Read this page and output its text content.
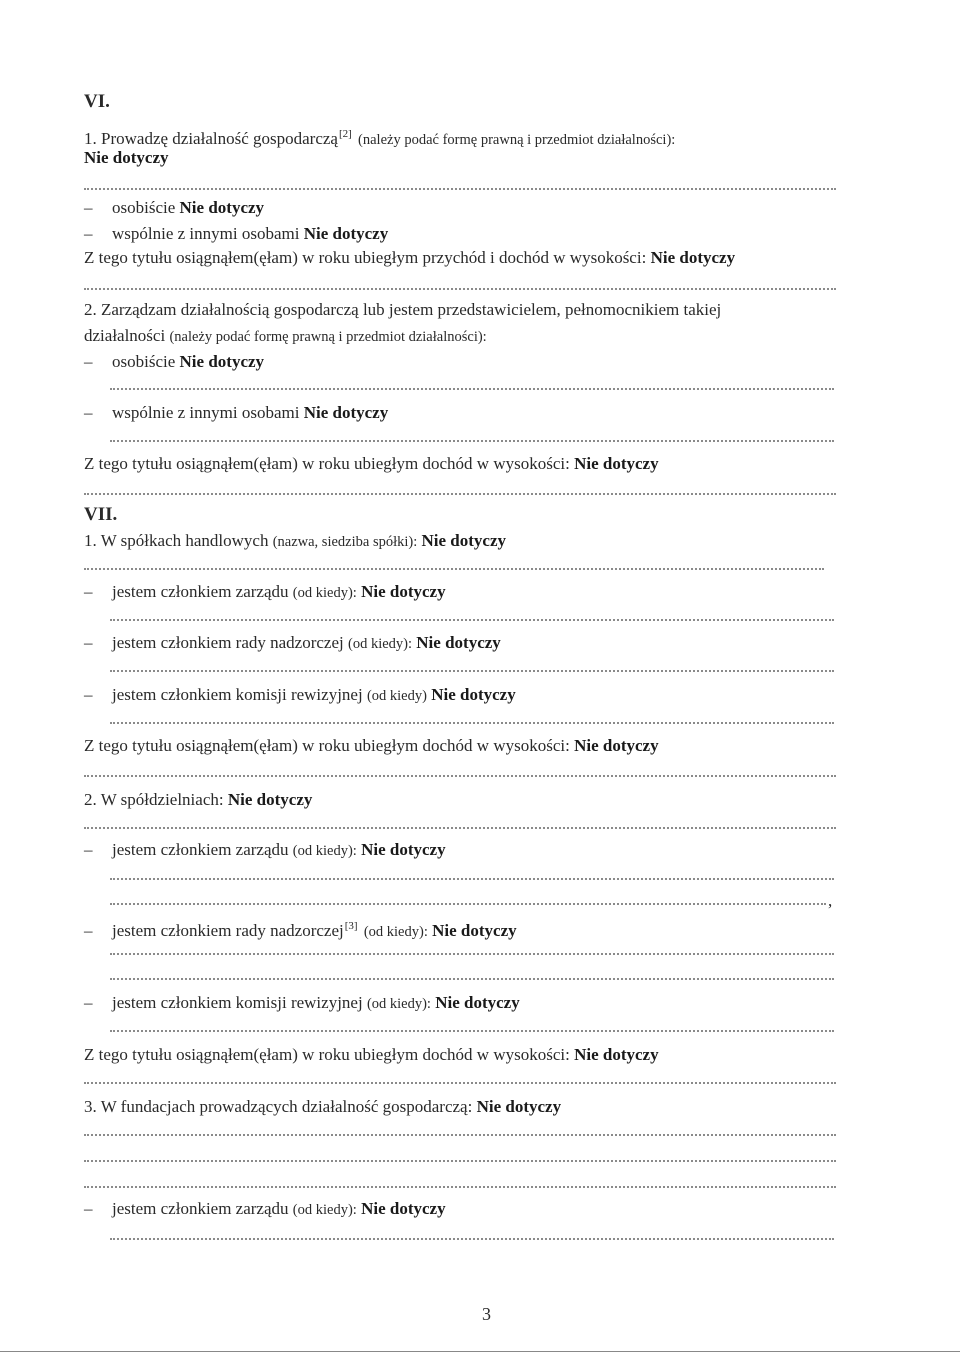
VI.
1. Prowadzę działalność gospodarczą[2] (należy podać formę prawną i przedmiot działalności):
Nie dotyczy
– osobiście Nie dotyczy
– wspólnie z innymi osobami Nie dotyczy
Z tego tytułu osiągnąłem(ęłam) w roku ubiegłym przychód i dochód w wysokości: Nie dotyczy
2. Zarządzam działalnością gospodarczą lub jestem przedstawicielem, pełnomocnikiem takiej
działalności (należy podać formę prawną i przedmiot działalności):
– osobiście Nie dotyczy
– wspólnie z innymi osobami Nie dotyczy
Z tego tytułu osiągnąłem(ęłam) w roku ubiegłym dochód w wysokości: Nie dotyczy
VII.
1. W spółkach handlowych (nazwa, siedziba spółki): Nie dotyczy
– jestem członkiem zarządu (od kiedy): Nie dotyczy
– jestem członkiem rady nadzorczej (od kiedy): Nie dotyczy
– jestem członkiem komisji rewizyjnej (od kiedy) Nie dotyczy
Z tego tytułu osiągnąłem(ęłam) w roku ubiegłym dochód w wysokości: Nie dotyczy
2. W spółdzielniach: Nie dotyczy
– jestem członkiem zarządu (od kiedy): Nie dotyczy
,
– jestem członkiem rady nadzorczej[3] (od kiedy): Nie dotyczy
– jestem członkiem komisji rewizyjnej (od kiedy): Nie dotyczy
Z tego tytułu osiągnąłem(ęłam) w roku ubiegłym dochód w wysokości: Nie dotyczy
3. W fundacjach prowadzących działalność gospodarczą: Nie dotyczy
– jestem członkiem zarządu (od kiedy): Nie dotyczy
3
